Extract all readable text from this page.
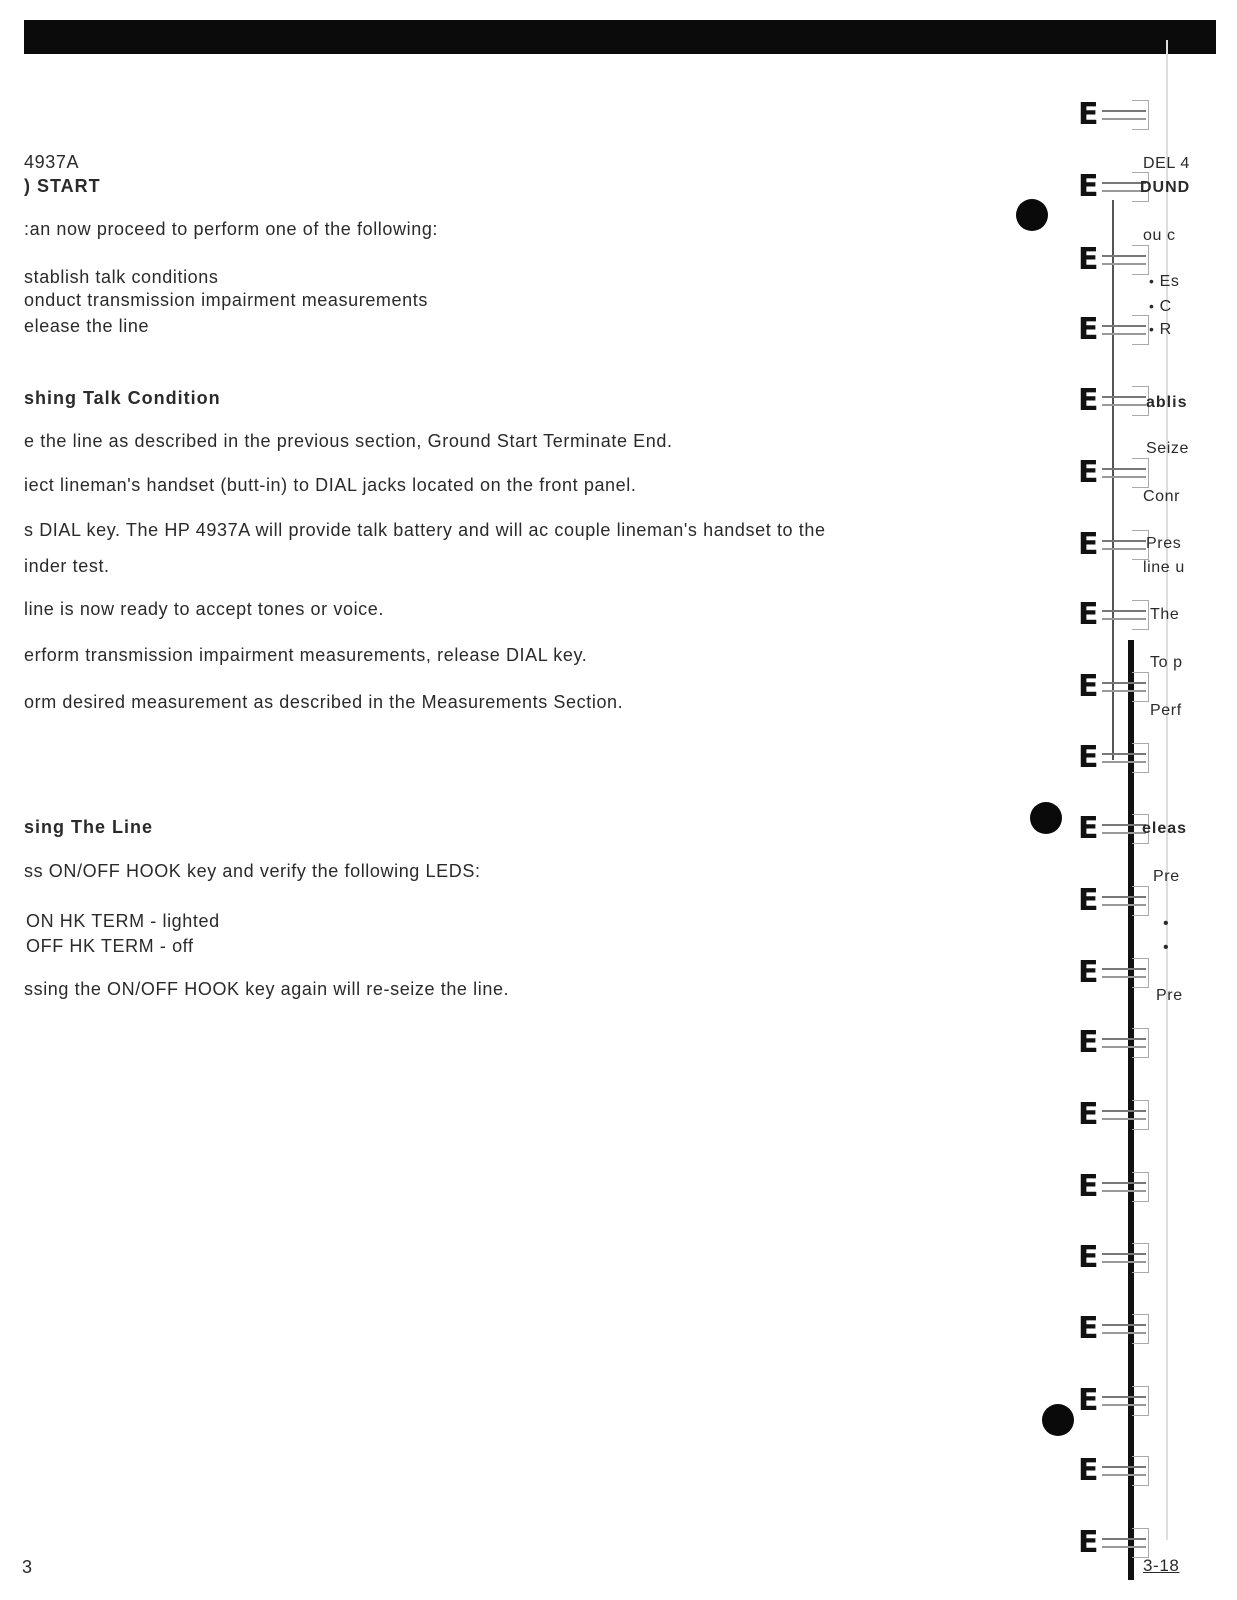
4937A
) START
:an now proceed to perform one of the following:
stablish talk conditions
onduct transmission impairment measurements
elease the line
shing Talk Condition
e the line as described in the previous section, Ground Start Terminate End.
iect lineman's handset (butt-in) to DIAL jacks located on the front panel.
s DIAL key. The HP 4937A will provide talk battery and will ac couple lineman's handset to the
inder test.
line is now ready to accept tones or voice.
erform transmission impairment measurements, release DIAL key.
orm desired measurement as described in the Measurements Section.
sing The Line
ss ON/OFF HOOK key and verify the following LEDS:
ON HK TERM - lighted
OFF HK TERM - off
ssing the ON/OFF HOOK key again will re-seize the line.
3
E
E
E
E
E
E
E
E
E
E
E
E
E
E
E
E
E
E
E
E
E
DEL 4
DUND
ou c
• Es
• C
• R
ablis
Seize
Conr
Pres
line u
The
To p
Perf
eleas
Pre
•
•
Pre
3-18
